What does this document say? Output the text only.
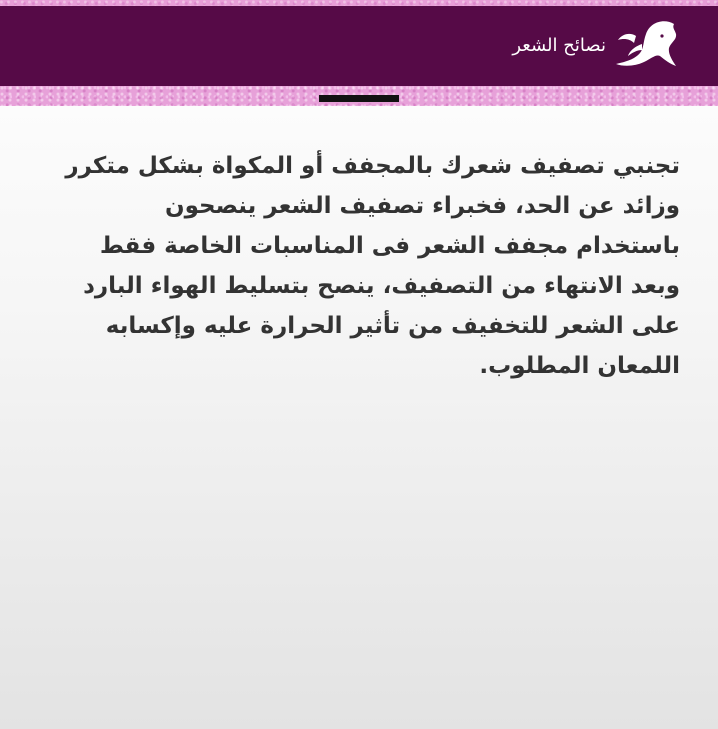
نصائح الشعر

تجنبي تصفيف شعرك بالمجفف أو المكواة بشكل متكرر وزائد عن الحد، فخبراء تصفيف الشعر ينصحون باستخدام مجفف الشعر فى المناسبات الخاصة فقط وبعد الانتهاء من التصفيف، ينصح بتسليط الهواء البارد على الشعر للتخفيف من تأثير الحرارة عليه وإكسابه اللمعان المطلوب.
